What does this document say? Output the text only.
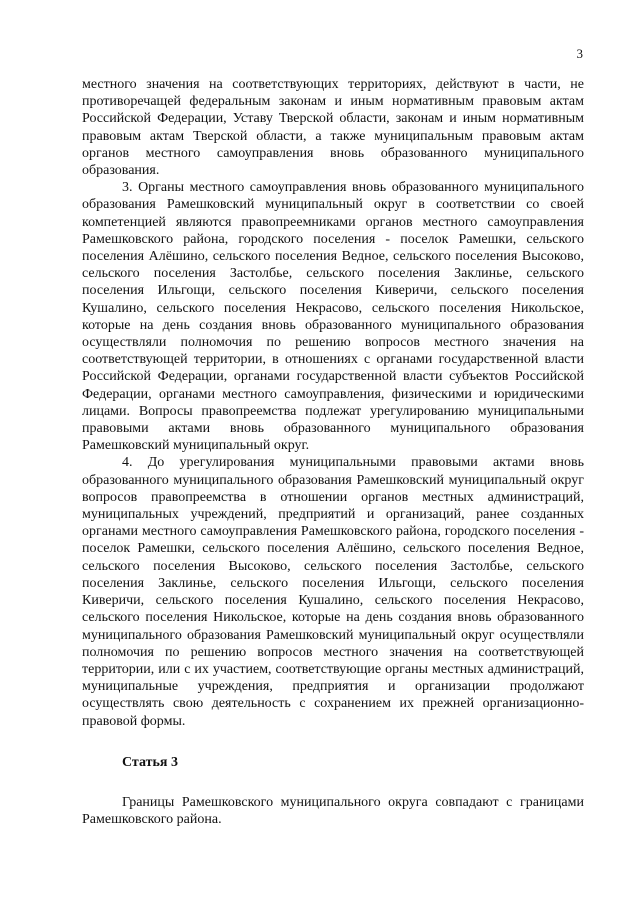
3

местного значения на соответствующих территориях, действуют в части, не противоречащей федеральным законам и иным нормативным правовым актам Российской Федерации, Уставу Тверской области, законам и иным нормативным правовым актам Тверской области, а также муниципальным правовым актам органов местного самоуправления вновь образованного муниципального образования.

3. Органы местного самоуправления вновь образованного муниципального образования Рамешковский муниципальный округ в соответствии со своей компетенцией являются правопреемниками органов местного самоуправления Рамешковского района, городского поселения - поселок Рамешки, сельского поселения Алёшино, сельского поселения Ведное, сельского поселения Высоково, сельского поселения Застолбье, сельского поселения Заклинье, сельского поселения Ильгощи, сельского поселения Киверичи, сельского поселения Кушалино, сельского поселения Некрасово, сельского поселения Никольское, которые на день создания вновь образованного муниципального образования осуществляли полномочия по решению вопросов местного значения на соответствующей территории, в отношениях с органами государственной власти Российской Федерации, органами государственной власти субъектов Российской Федерации, органами местного самоуправления, физическими и юридическими лицами. Вопросы правопреемства подлежат урегулированию муниципальными правовыми актами вновь образованного муниципального образования Рамешковский муниципальный округ.

4. До урегулирования муниципальными правовыми актами вновь образованного муниципального образования Рамешковский муниципальный округ вопросов правопреемства в отношении органов местных администраций, муниципальных учреждений, предприятий и организаций, ранее созданных органами местного самоуправления Рамешковского района, городского поселения - поселок Рамешки, сельского поселения Алёшино, сельского поселения Ведное, сельского поселения Высоково, сельского поселения Застолбье, сельского поселения Заклинье, сельского поселения Ильгощи, сельского поселения Киверичи, сельского поселения Кушалино, сельского поселения Некрасово, сельского поселения Никольское, которые на день создания вновь образованного муниципального образования Рамешковский муниципальный округ осуществляли полномочия по решению вопросов местного значения на соответствующей территории, или с их участием, соответствующие органы местных администраций, муниципальные учреждения, предприятия и организации продолжают осуществлять свою деятельность с сохранением их прежней организационно-правовой формы.

Статья 3

Границы Рамешковского муниципального округа совпадают с границами Рамешковского района.
